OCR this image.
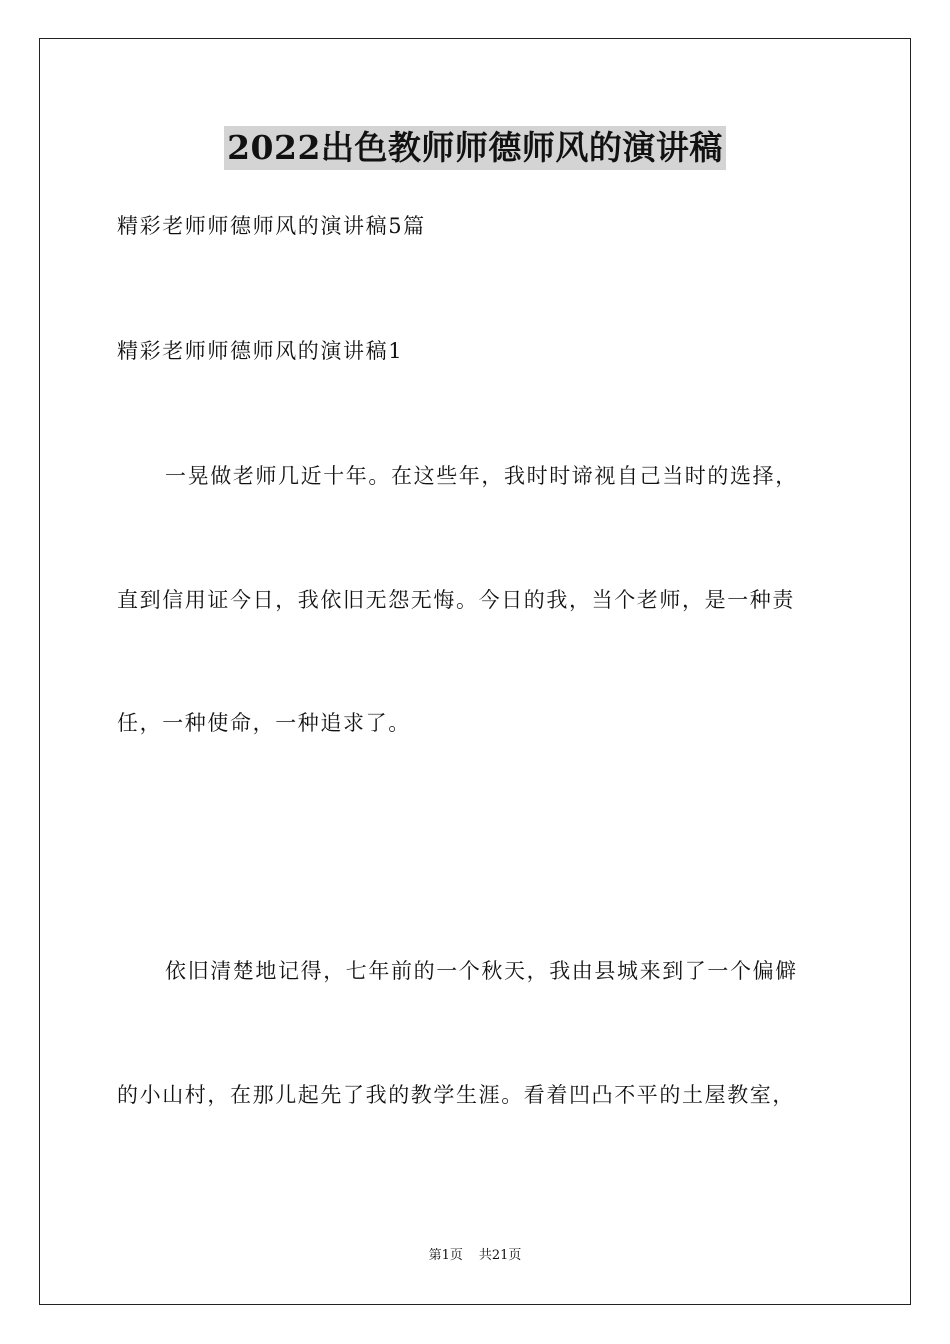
2022出色教师师德师风的演讲稿
精彩老师师德师风的演讲稿5篇
精彩老师师德师风的演讲稿1
一晃做老师几近十年。在这些年，我时时谛视自己当时的选择，
直到信用证今日，我依旧无怨无悔。今日的我，当个老师，是一种责
任，一种使命，一种追求了。
依旧清楚地记得，七年前的一个秋天，我由县城来到了一个偏僻
的小山村，在那儿起先了我的教学生涯。看着凹凸不平的土屋教室，
第1页 共21页
